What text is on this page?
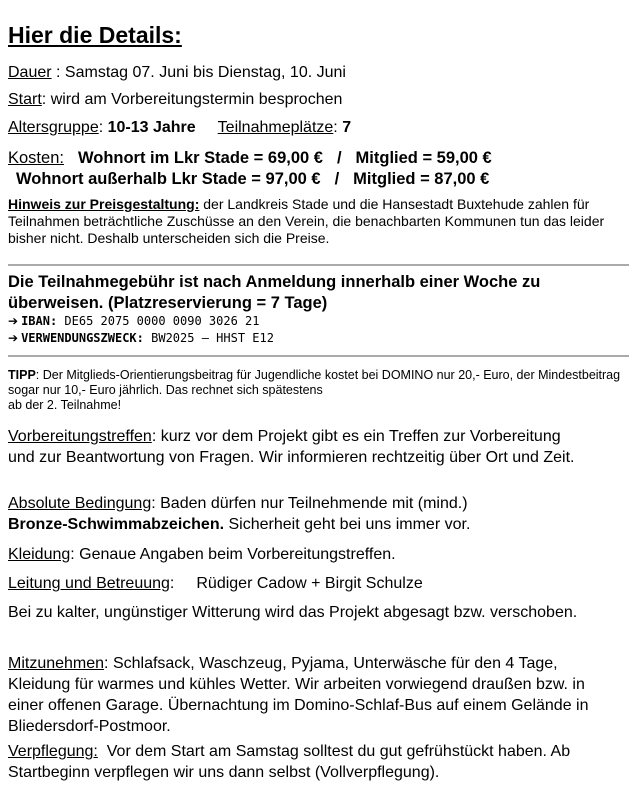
Hier die Details:
Dauer : Samstag 07. Juni bis Dienstag, 10. Juni
Start: wird am Vorbereitungstermin besprochen
Altersgruppe: 10-13 Jahre Teilnahmeplätze: 7
Kosten: Wohnort im Lkr Stade = 69,00 € / Mitglied = 59,00 €
Wohnort außerhalb Lkr Stade = 97,00 € / Mitglied = 87,00 €
Hinweis zur Preisgestaltung: der Landkreis Stade und die Hansestadt Buxtehude zahlen für Teilnahmen beträchtliche Zuschüsse an den Verein, die benachbarten Kommunen tun das leider bisher nicht. Deshalb unterscheiden sich die Preise.
Die Teilnahmegebühr ist nach Anmeldung innerhalb einer Woche zu überweisen. (Platzreservierung = 7 Tage)
➔ IBAN: DE65 2075 0000 0090 3026 21
➔ VERWENDUNGSZWECK: BW2025 – HHST E12
TIPP: Der Mitglieds-Orientierungsbeitrag für Jugendliche kostet bei DOMINO nur 20,- Euro, der Mindestbeitrag sogar nur 10,- Euro jährlich. Das rechnet sich spätestens
ab der 2. Teilnahme!
Vorbereitungstreffen: kurz vor dem Projekt gibt es ein Treffen zur Vorbereitung und zur Beantwortung von Fragen. Wir informieren rechtzeitig über Ort und Zeit.
Absolute Bedingung: Baden dürfen nur Teilnehmende mit (mind.)
Bronze-Schwimmabzeichen. Sicherheit geht bei uns immer vor.
Kleidung: Genaue Angaben beim Vorbereitungstreffen.
Leitung und Betreuung: Rüdiger Cadow + Birgit Schulze
Bei zu kalter, ungünstiger Witterung wird das Projekt abgesagt bzw. verschoben.
Mitzunehmen: Schlafsack, Waschzeug, Pyjama, Unterwäsche für den 4 Tage, Kleidung für warmes und kühles Wetter. Wir arbeiten vorwiegend draußen bzw. in einer offenen Garage. Übernachtung im Domino-Schlaf-Bus auf einem Gelände in Bliedersdorf-Postmoor.
Verpflegung:  Vor dem Start am Samstag solltest du gut gefrühstückt haben. Ab Startbeginn verpflegen wir uns dann selbst (Vollverpflegung).
